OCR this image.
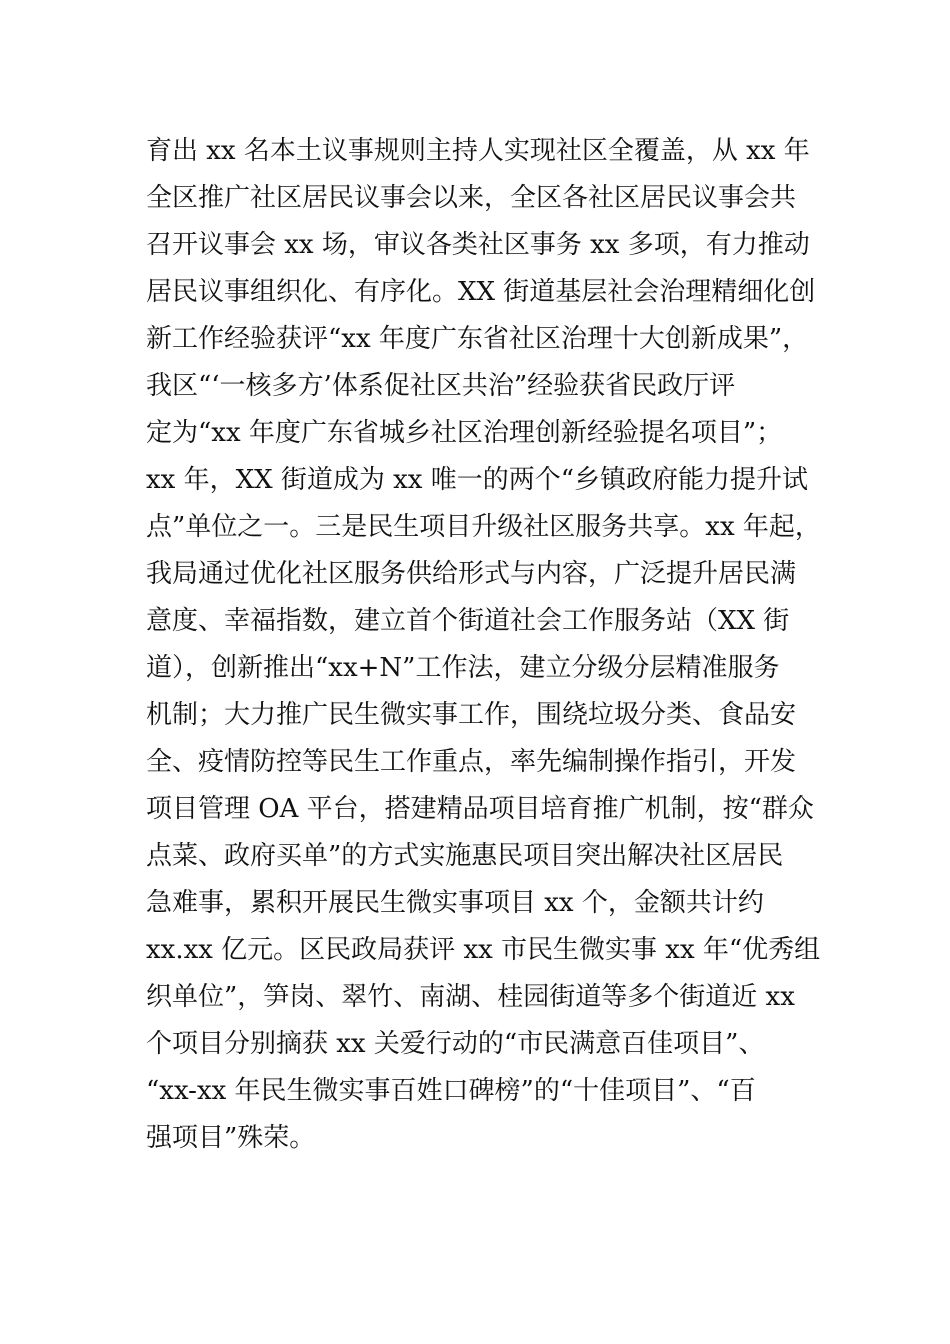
育出 xx 名本土议事规则主持人实现社区全覆盖，从 xx 年
全区推广社区居民议事会以来，全区各社区居民议事会共
召开议事会 xx 场，审议各类社区事务 xx 多项，有力推动
居民议事组织化、有序化。XX 街道基层社会治理精细化创
新工作经验获评“xx 年度广东省社区治理十大创新成果”，
我区“‘一核多方’体系促社区共治”经验获省民政厅评
定为“xx 年度广东省城乡社区治理创新经验提名项目”；
xx 年，XX 街道成为 xx 唯一的两个“乡镇政府能力提升试
点”单位之一。三是民生项目升级社区服务共享。xx 年起，
我局通过优化社区服务供给形式与内容，广泛提升居民满
意度、幸福指数，建立首个街道社会工作服务站（XX 街
道），创新推出“xx+N”工作法，建立分级分层精准服务
机制；大力推广民生微实事工作，围绕垃圾分类、食品安
全、疫情防控等民生工作重点，率先编制操作指引，开发
项目管理 OA 平台，搭建精品项目培育推广机制，按“群众
点菜、政府买单”的方式实施惠民项目突出解决社区居民
急难事，累积开展民生微实事项目 xx 个，金额共计约
xx.xx 亿元。区民政局获评 xx 市民生微实事 xx 年“优秀组
织单位”，笋岗、翠竹、南湖、桂园街道等多个街道近 xx
个项目分别摘获 xx 关爱行动的“市民满意百佳项目”、
“xx-xx 年民生微实事百姓口碑榜”的“十佳项目”、“百
强项目”殊荣。
